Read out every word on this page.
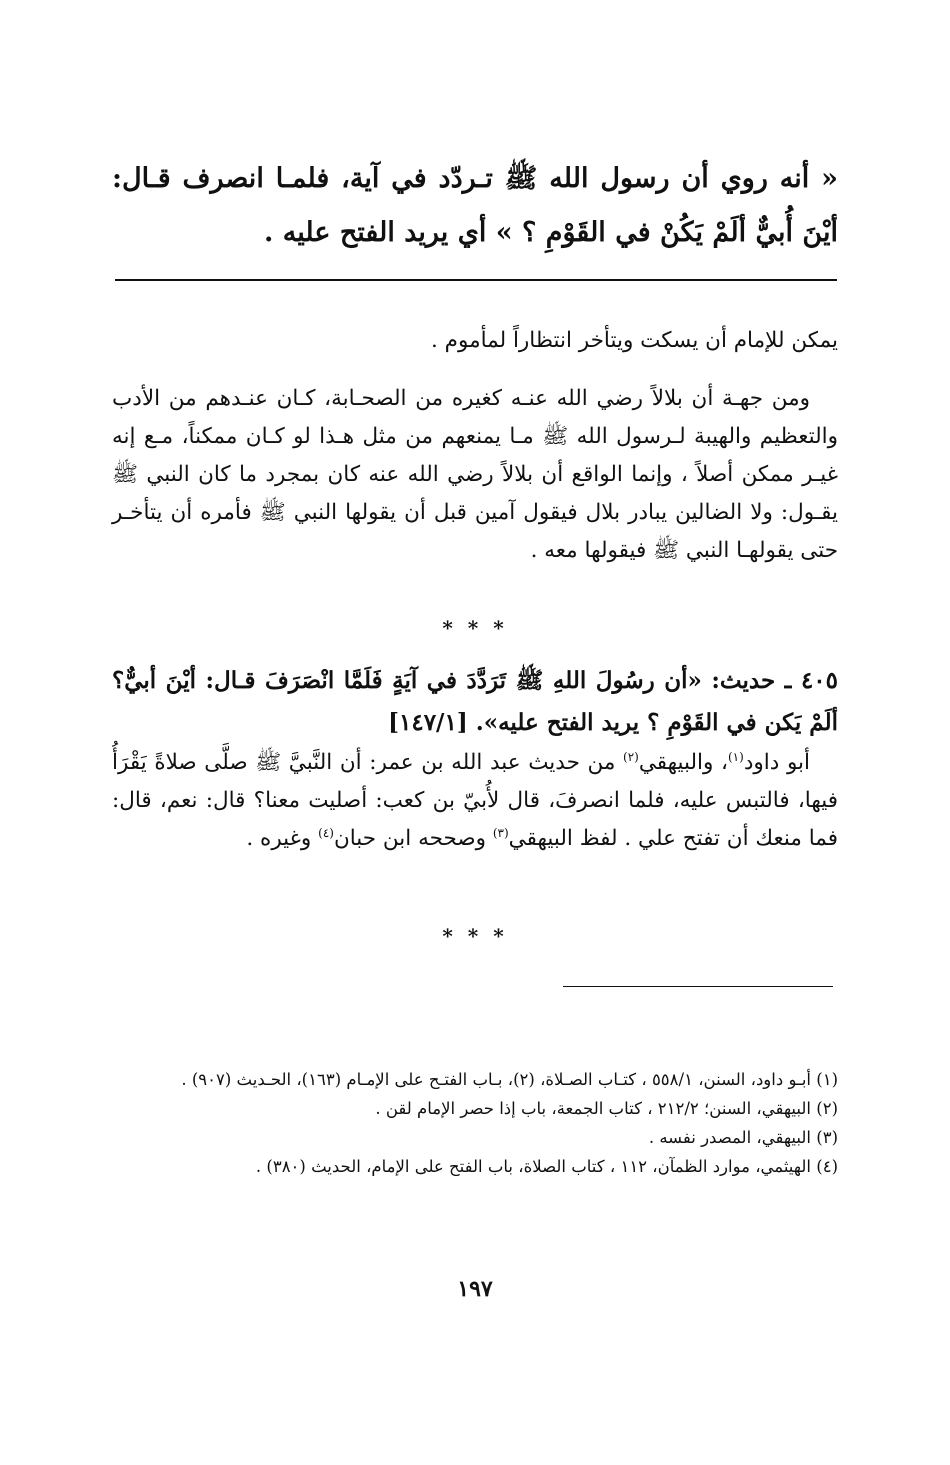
« أنه روي أن رسول الله ﷺ تـردّد في آية، فلمـا انصرف قـال: أيْنَ أُبيٌّ ألَمْ يَكُنْ في القَوْمِ ؟ » أي يريد الفتح عليه .

يمكن للإمام أن يسكت ويتأخر انتظاراً لمأموم .

ومن جهـة أن بلالاً رضي الله عنـه كغيره من الصحـابة، كـان عنـدهم من الأدب والتعظيم والهيبة لـرسول الله ﷺ مـا يمنعهم من مثل هـذا لو كـان ممكناً، مـع إنه غيـر ممكن أصلاً ، وإنما الواقع أن بلالاً رضي الله عنه كان بمجرد ما كان النبي ﷺ يقـول: ولا الضالين يبادر بلال فيقول آمين قبل أن يقولها النبي ﷺ فأمره أن يتأخـر حتى يقولهـا النبي ﷺ فيقولها معه .

* * *
٤٠٥ ـ حديث: «أن رسُولَ اللهِ ﷺ تَرَدَّدَ في آيَةٍ فَلَمَّا انْصَرَفَ قـال: أيْنَ أبيٌّ؟ ألَمْ يَكن في القَوْمِ ؟ يريد الفتح عليه». [١٤٧/١]

أبو داود$^{(١)}$، والبيهقي$^{(٢)}$ من حديث عبد الله بن عمر: أن النَّبيَّ ﷺ صلَّى صلاةً يَقْرَأُ فيها، فالتبس عليه، فلما انصرفَ، قال لأُبيّ بن كعب: أصليت معنا؟ قال: نعم، قال: فما منعك أن تفتح علي . لفظ البيهقي$^{(٣)}$ وصححه ابن حبان$^{(٤)}$ وغيره .

* * *

(١) أبـو داود، السنن، ٥٥٨/١ ، كتـاب الصـلاة، (٢)، بـاب الفتـح على الإمـام (١٦٣)، الحـديث (٩٠٧) .

(٢) البيهقي، السنن؛ ٢١٢/٢ ، كتاب الجمعة، باب إذا حصر الإمام لقن .

(٣) البيهقي، المصدر نفسه .

(٤) الهيثمي، موارد الظمآن، ١١٢ ، كتاب الصلاة، باب الفتح على الإمام، الحديث (٣٨٠) .

١٩٧
